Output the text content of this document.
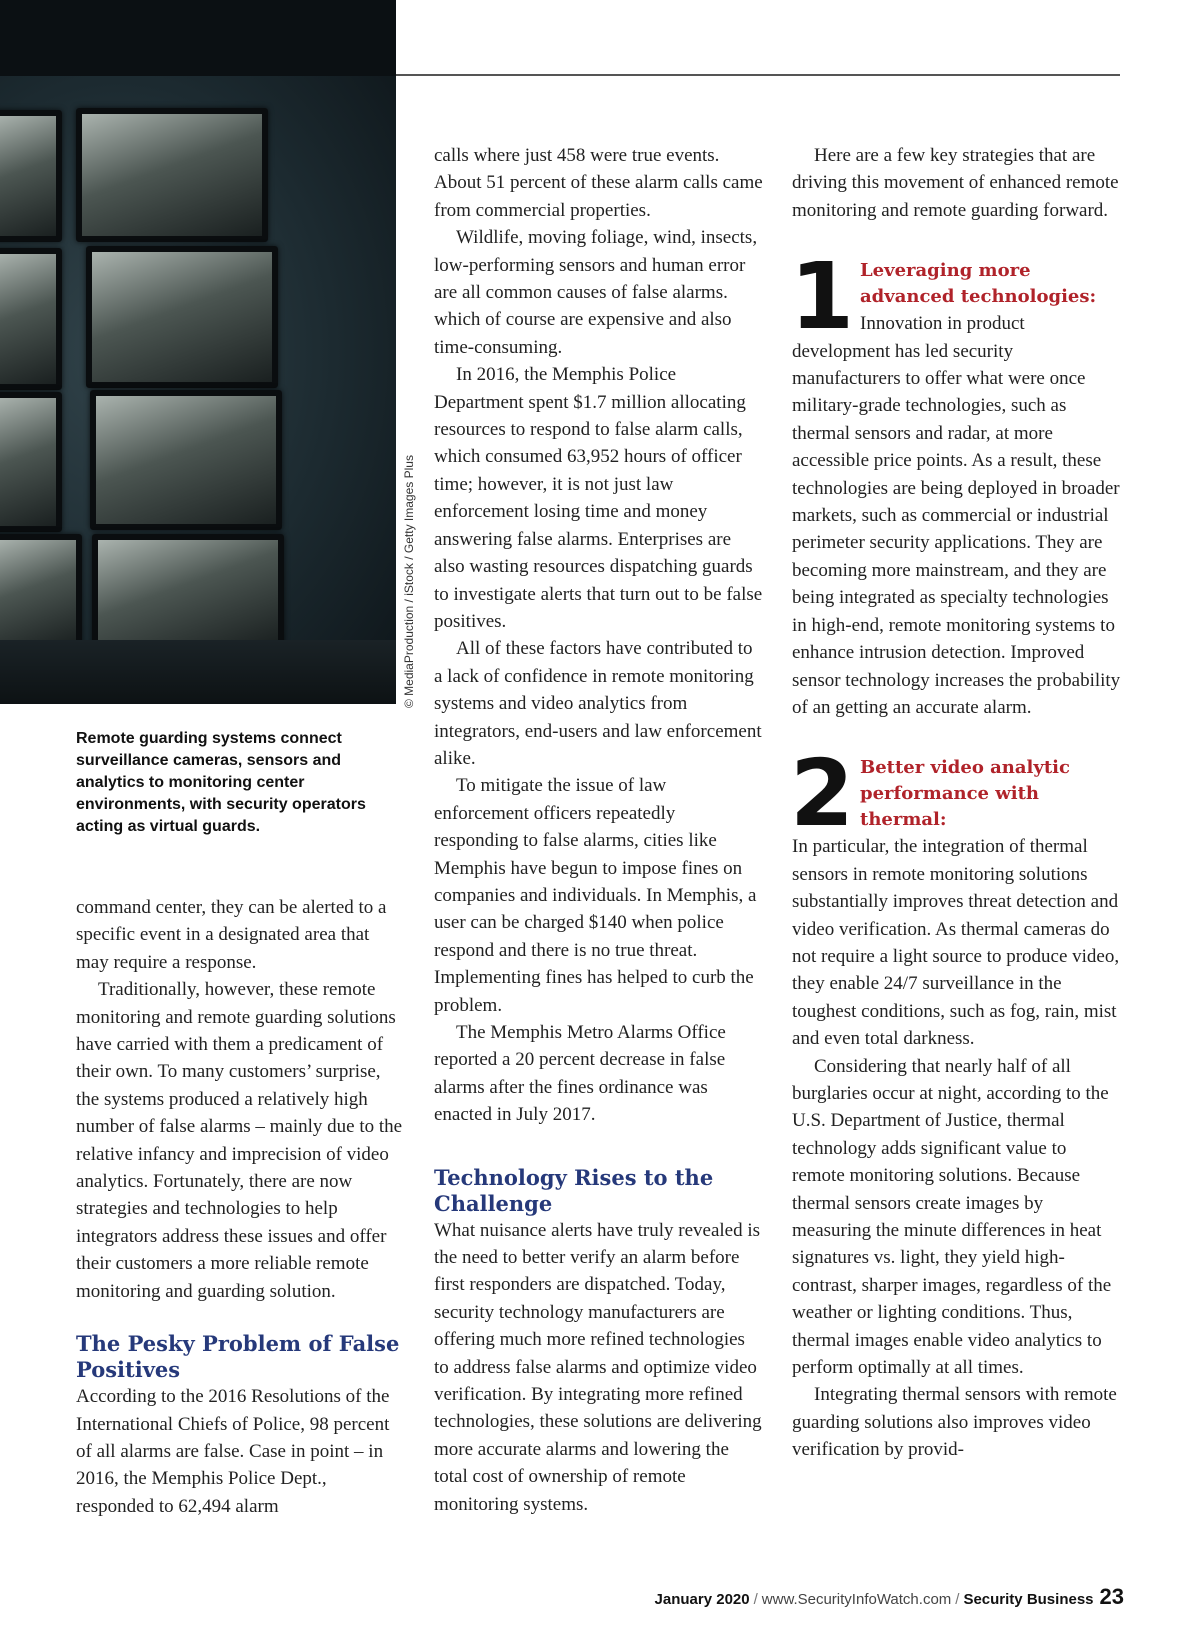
© MediaProduction / iStock / Getty Images Plus
Remote guarding systems connect surveillance cameras, sensors and analytics to monitoring center environments, with security operators acting as virtual guards.

command center, they can be alerted to a specific event in a designated area that may require a response.

Traditionally, however, these remote monitoring and remote guarding solutions have carried with them a predicament of their own. To many customers’ surprise, the systems produced a relatively high number of false alarms – mainly due to the relative infancy and imprecision of video analytics. Fortunately, there are now strategies and technologies to help integrators address these issues and offer their customers a more reliable remote monitoring and guarding solution.

The Pesky Problem of False Positives

According to the 2016 Resolutions of the International Chiefs of Police, 98 percent of all alarms are false. Case in point – in 2016, the Memphis Police Dept., responded to 62,494 alarm

calls where just 458 were true events. About 51 percent of these alarm calls came from commercial properties.

Wildlife, moving foliage, wind, insects, low-performing sensors and human error are all common causes of false alarms. which of course are expensive and also time-consuming.

In 2016, the Memphis Police Department spent $1.7 million allocating resources to respond to false alarm calls, which consumed 63,952 hours of officer time; however, it is not just law enforcement losing time and money answering false alarms. Enterprises are also wasting resources dispatching guards to investigate alerts that turn out to be false positives.

All of these factors have contributed to a lack of confidence in remote monitoring systems and video analytics from integrators, end-users and law enforcement alike.

To mitigate the issue of law enforcement officers repeatedly responding to false alarms, cities like Memphis have begun to impose fines on companies and individuals. In Memphis, a user can be charged $140 when police respond and there is no true threat. Implementing fines has helped to curb the problem.

The Memphis Metro Alarms Office reported a 20 percent decrease in false alarms after the fines ordinance was enacted in July 2017.

Technology Rises to the Challenge

What nuisance alerts have truly revealed is the need to better verify an alarm before first responders are dispatched. Today, security technology manufacturers are offering much more refined technologies to address false alarms and optimize video verification. By integrating more refined technologies, these solutions are delivering more accurate alarms and lowering the total cost of ownership of remote monitoring systems.

Here are a few key strategies that are driving this movement of enhanced remote monitoring and remote guarding forward.

1 Leveraging more advanced technologies:
Innovation in product development has led security manufacturers to offer what were once military-grade technologies, such as thermal sensors and radar, at more accessible price points. As a result, these technologies are being deployed in broader markets, such as commercial or industrial perimeter security applications. They are becoming more mainstream, and they are being integrated as specialty technologies in high-end, remote monitoring systems to enhance intrusion detection. Improved sensor technology increases the probability of an getting an accurate alarm.
2 Better video analytic performance with thermal:
In particular, the integration of thermal sensors in remote monitoring solutions substantially improves threat detection and video verification. As thermal cameras do not require a light source to produce video, they enable 24/7 surveillance in the toughest conditions, such as fog, rain, mist and even total darkness.

Considering that nearly half of all burglaries occur at night, according to the U.S. Department of Justice, thermal technology adds significant value to remote monitoring solutions. Because thermal sensors create images by measuring the minute differences in heat signatures vs. light, they yield high-contrast, sharper images, regardless of the weather or lighting conditions. Thus, thermal images enable video analytics to perform optimally at all times.

Integrating thermal sensors with remote guarding solutions also improves video verification by provid-

January 2020 / www.SecurityInfoWatch.com / Security Business 23
